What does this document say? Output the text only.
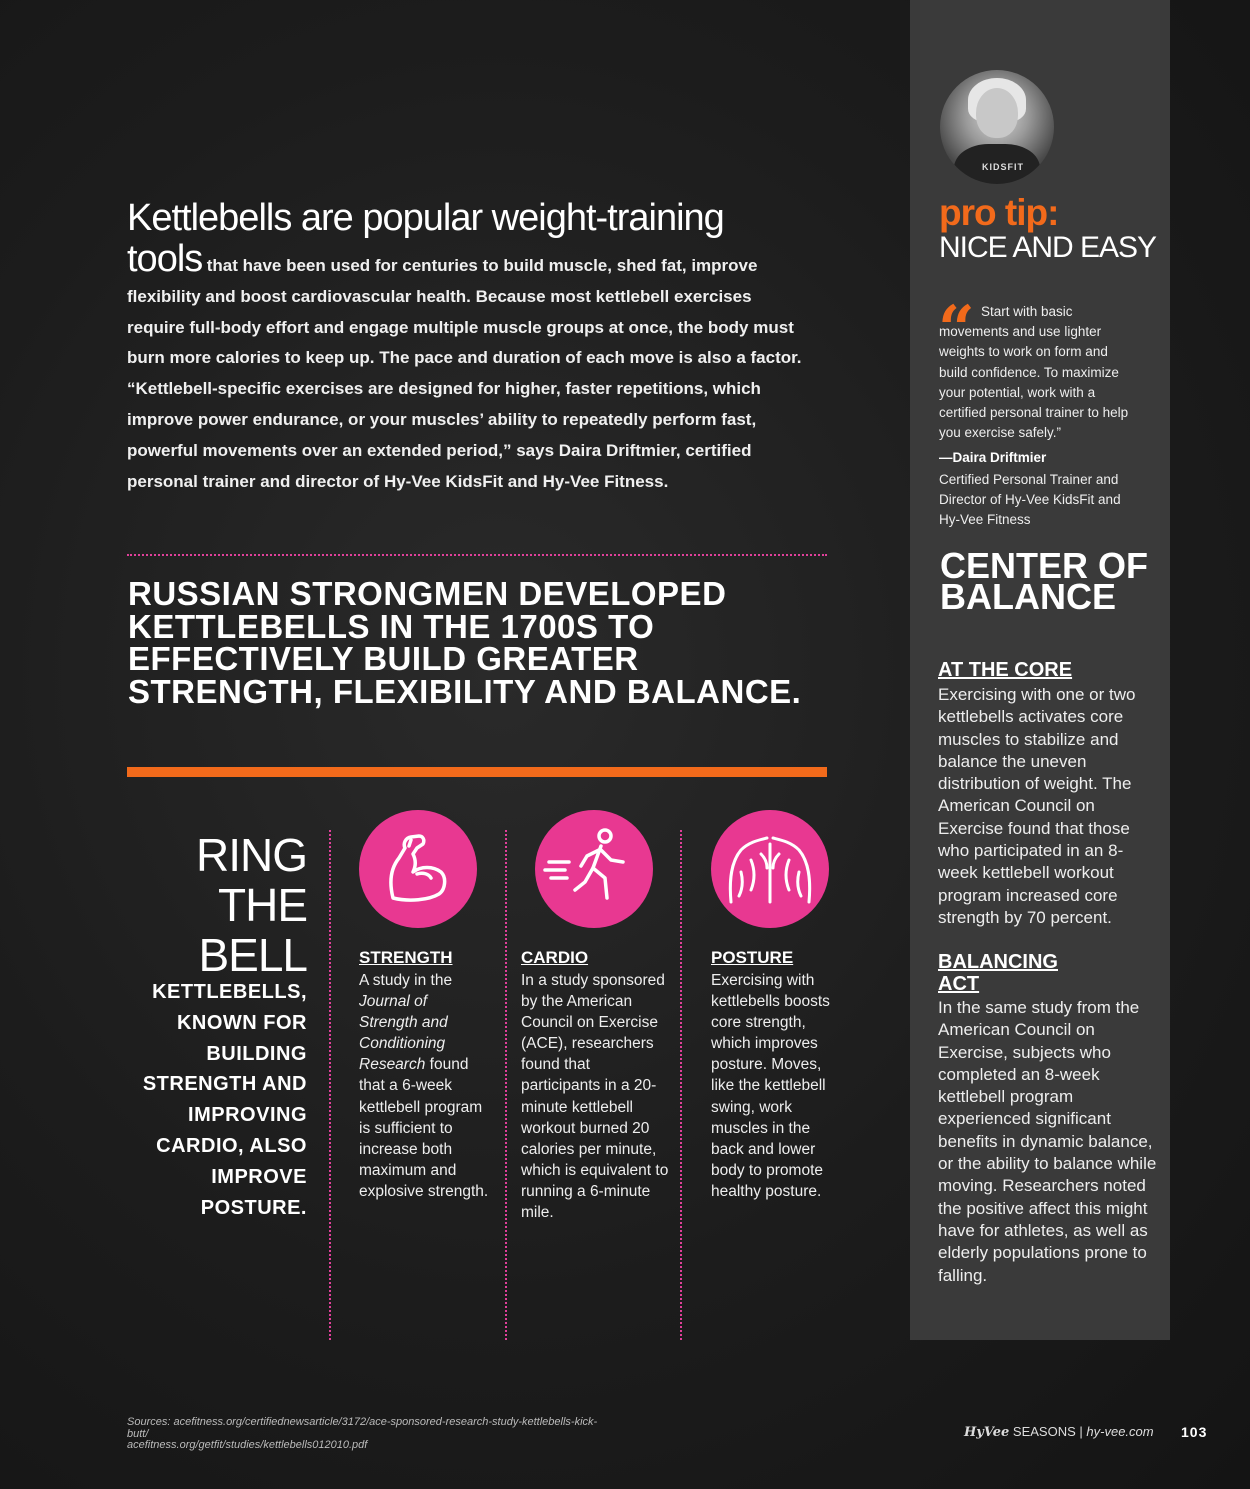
KIDSFIT
pro tip:
NICE AND EASY
“ Start with basic movements and use lighter weights to work on form and build confidence. To maximize your potential, work with a certified personal trainer to help you exercise safely.”
—Daira Driftmier
Certified Personal Trainer and Director of Hy-Vee KidsFit and Hy-Vee Fitness
CENTER OF BALANCE
AT THE CORE
Exercising with one or two kettlebells activates core muscles to stabilize and balance the uneven distribution of weight. The American Council on Exercise found that those who participated in an 8-week kettlebell workout program increased core strength by 70 percent.
BALANCING
ACT
In the same study from the American Council on Exercise, subjects who completed an 8-week kettlebell program experienced significant benefits in dynamic balance, or the ability to balance while moving. Researchers noted the positive affect this might have for athletes, as well as elderly populations prone to falling.
Kettlebells are popular weight-training
tools that have been used for centuries to build muscle, shed fat, improve flexibility and boost cardiovascular health. Because most kettlebell exercises require full-body effort and engage multiple muscle groups at once, the body must burn more calories to keep up. The pace and duration of each move is also a factor. “Kettlebell-specific exercises are designed for higher, faster repetitions, which improve power endurance, or your muscles’ ability to repeatedly perform fast, powerful movements over an extended period,” says Daira Driftmier, certified personal trainer and director of Hy-Vee KidsFit and Hy-Vee Fitness.
RUSSIAN STRONGMEN DEVELOPED KETTLEBELLS IN THE 1700S TO EFFECTIVELY BUILD GREATER STRENGTH, FLEXIBILITY AND BALANCE.
RING
THE
BELL
KETTLEBELLS, KNOWN FOR BUILDING STRENGTH AND IMPROVING CARDIO, ALSO IMPROVE POSTURE.
STRENGTH
A study in the Journal of Strength and Conditioning Research found that a 6-week kettlebell program is sufficient to increase both maximum and explosive strength.
CARDIO
In a study sponsored by the American Council on Exercise (ACE), researchers found that participants in a 20-minute kettlebell workout burned 20 calories per minute, which is equivalent to running a 6-minute mile.
POSTURE
Exercising with kettlebells boosts core strength, which improves posture. Moves, like the kettlebell swing, work muscles in the back and lower body to promote healthy posture.
Sources: acefitness.org/certifiednewsarticle/3172/ace-sponsored-research-study-kettlebells-kick-butt/
acefitness.org/getfit/studies/kettlebells012010.pdf
HyVee SEASONS | hy-vee.com 103
